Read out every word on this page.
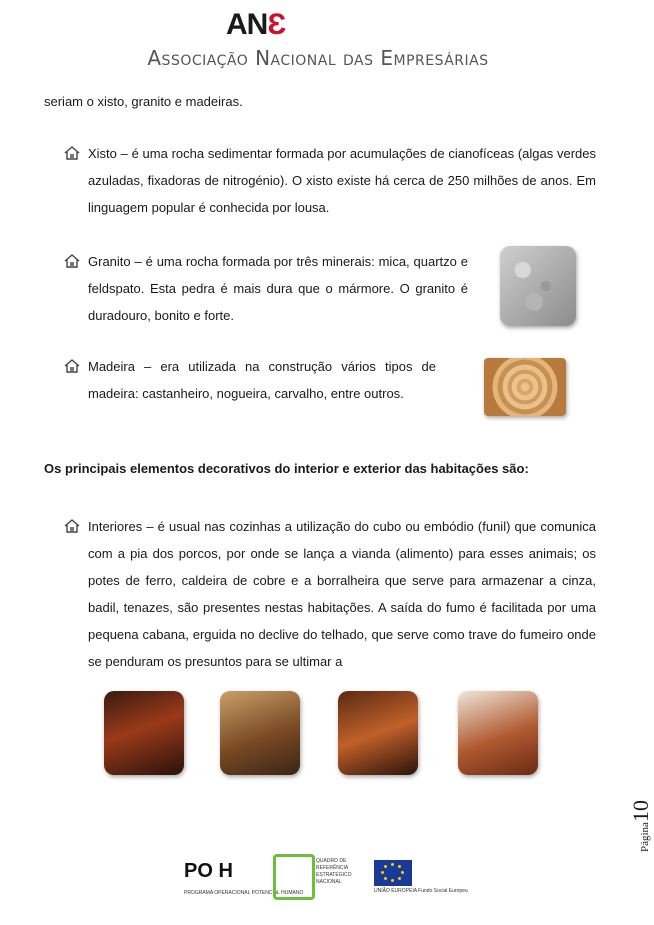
ANƐ
Associação Nacional das Empresárias
seriam o xisto, granito e madeiras.
Xisto – é uma rocha sedimentar formada por acumulações de cianofíceas (algas verdes azuladas, fixadoras de nitrogénio). O xisto existe há cerca de 250 milhões de anos. Em linguagem popular é conhecida por lousa.
Granito – é uma rocha formada por três minerais: mica, quartzo e feldspato. Esta pedra é mais dura que o mármore. O granito é duradouro, bonito e forte.
Madeira – era utilizada na construção vários tipos de madeira: castanheiro, nogueira, carvalho, entre outros.
Os principais elementos decorativos do interior e exterior das habitações são:
Interiores – é usual nas cozinhas a utilização do cubo ou embódio (funil) que comunica com a pia dos porcos, por onde se lança a vianda (alimento) para esses animais; os potes de ferro, caldeira de cobre e a borralheira que serve para armazenar a cinza, badil, tenazes, são presentes nestas habitações. A saída do fumo é facilitada por uma pequena cabana, erguida no declive do telhado, que serve como trave do fumeiro onde se penduram os presuntos para se ultimar a
Página10
PO H
PROGRAMA OPERACIONAL POTENCIAL HUMANO
QUADRO DE REFERÊNCIA ESTRATÉGICO NACIONAL
UNIÃO EUROPEIA Fundo Social Europeu
